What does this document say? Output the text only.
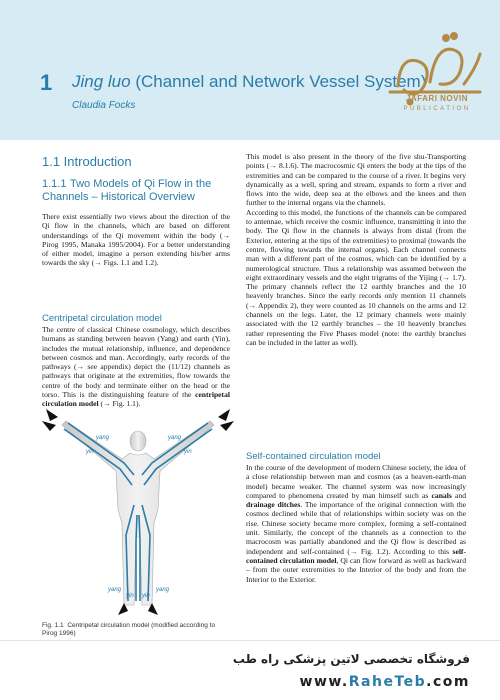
1 Jing luo (Channel and Network Vessel System)
Claudia Focks
JAFARI NOVIN
PUBLICATION
1.1 Introduction
1.1.1 Two Models of Qi Flow in the Channels – Historical Overview

There exist essentially two views about the direction of the Qi flow in the channels, which are based on different understandings of the Qi movement within the body (→ Pirog 1995, Manaka 1995/2004). For a better understanding of either model, imagine a person extending his/her arms towards the sky (→ Figs. 1.1 and 1.2).

Centripetal circulation model

The centre of classical Chinese cosmology, which describes humans as standing between heaven (Yang) and earth (Yin), includes the mutual relationship, influence, and dependence between cosmos and man. Accordingly, early records of the pathways (→ see appendix) depict the (11/12) channels as pathways that originate at the extremities, flow towards the centre of the body and terminate either on the head or the torso. This is the distinguishing feature of the centripetal circulation model (→ Fig. 1.1).

yang	yang
yin	yin
yang
yin yin
yang
Fig. 1.1 Centripetal circulation model (modified according to Pirog 1996)

This model is also present in the theory of the five shu-Transporting points (→ 8.1.6). The macrocosmic Qi enters the body at the tips of the extremities and can be compared to the course of a river. It begins very dynamically as a well, spring and stream, expands to form a river and flows into the wide, deep sea at the elbows and the knees and then further to the internal organs via the channels.

According to this model, the functions of the channels can be compared to antennae, which receive the cosmic influence, transmitting it into the body. The Qi flow in the channels is always from distal (from the Exterior, entering at the tips of the extremities) to proximal (towards the centre, flowing towards the internal organs). Each channel connects man with a different part of the cosmos, which can be identified by a numerological structure. Thus a relationship was assumed between the eight extraordinary vessels and the eight trigrams of the Yijing (→ 1.7). The primary channels reflect the 12 earthly branches and the 10 heavenly branches. Since the early records only mention 11 channels (→ Appendix 2), they were counted as 10 channels on the arms and 12 channels on the legs. Later, the 12 primary channels were mainly associated with the 12 earthly branches – the 10 heavenly branches rather representing the Five Phases model (note: the earthly branches can be included in the latter as well).

Self-contained circulation model

In the course of the development of modern Chinese society, the idea of a close relationship between man and cosmos (as a heaven-earth-man model) became weaker. The channel system was now increasingly compared to phenomena created by man himself such as canals and drainage ditches. The importance of the original connection with the cosmos declined while that of relationships within society was on the rise. Chinese society became more complex, forming a self-contained unit. Similarly, the concept of the channels as a connection to the macrocosm was partially abandoned and the Qi flow is described as independent and self-contained (→ Fig. 1.2). According to this self-contained circulation model, Qi can flow forward as well as backward – from the outer extremities to the Interior of the body and from the Interior to the Exterior.

فروشگاه تخصصی لاتین پزشکی راه طب
www.RaheTeb.com
